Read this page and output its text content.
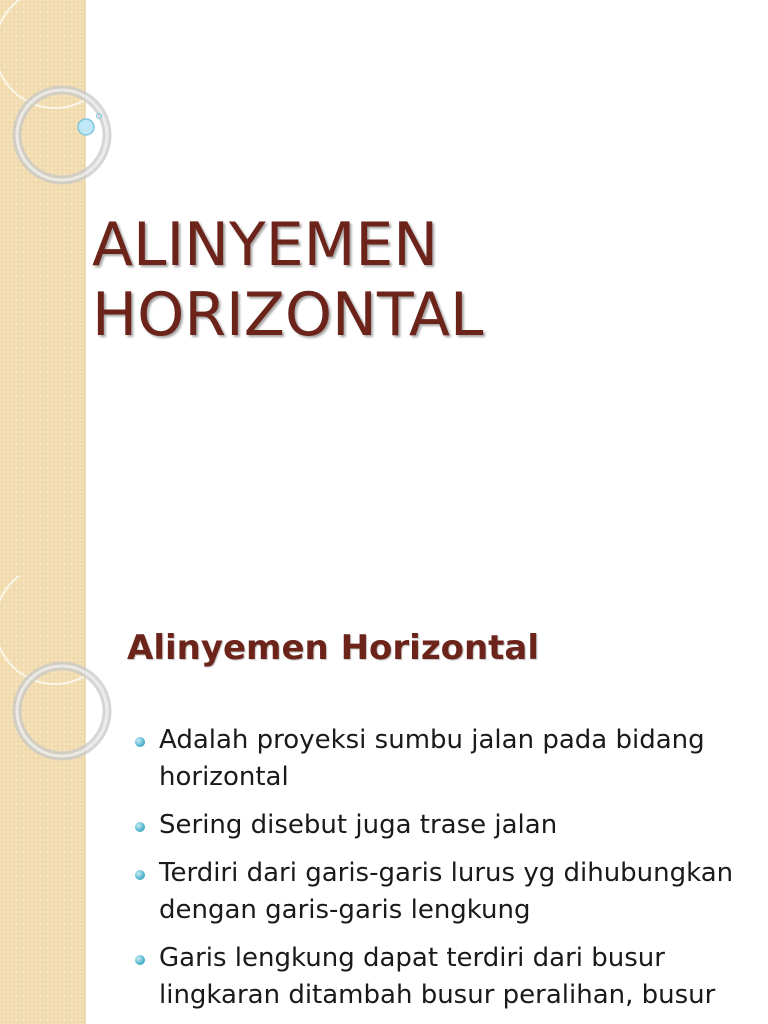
ALINYEMEN
HORIZONTAL
Alinyemen Horizontal
Adalah proyeksi sumbu jalan pada bidang horizontal
Sering disebut juga trase jalan
Terdiri dari garis-garis lurus yg dihubungkan dengan garis-garis lengkung
Garis lengkung dapat terdiri dari busur lingkaran ditambah busur peralihan, busur
